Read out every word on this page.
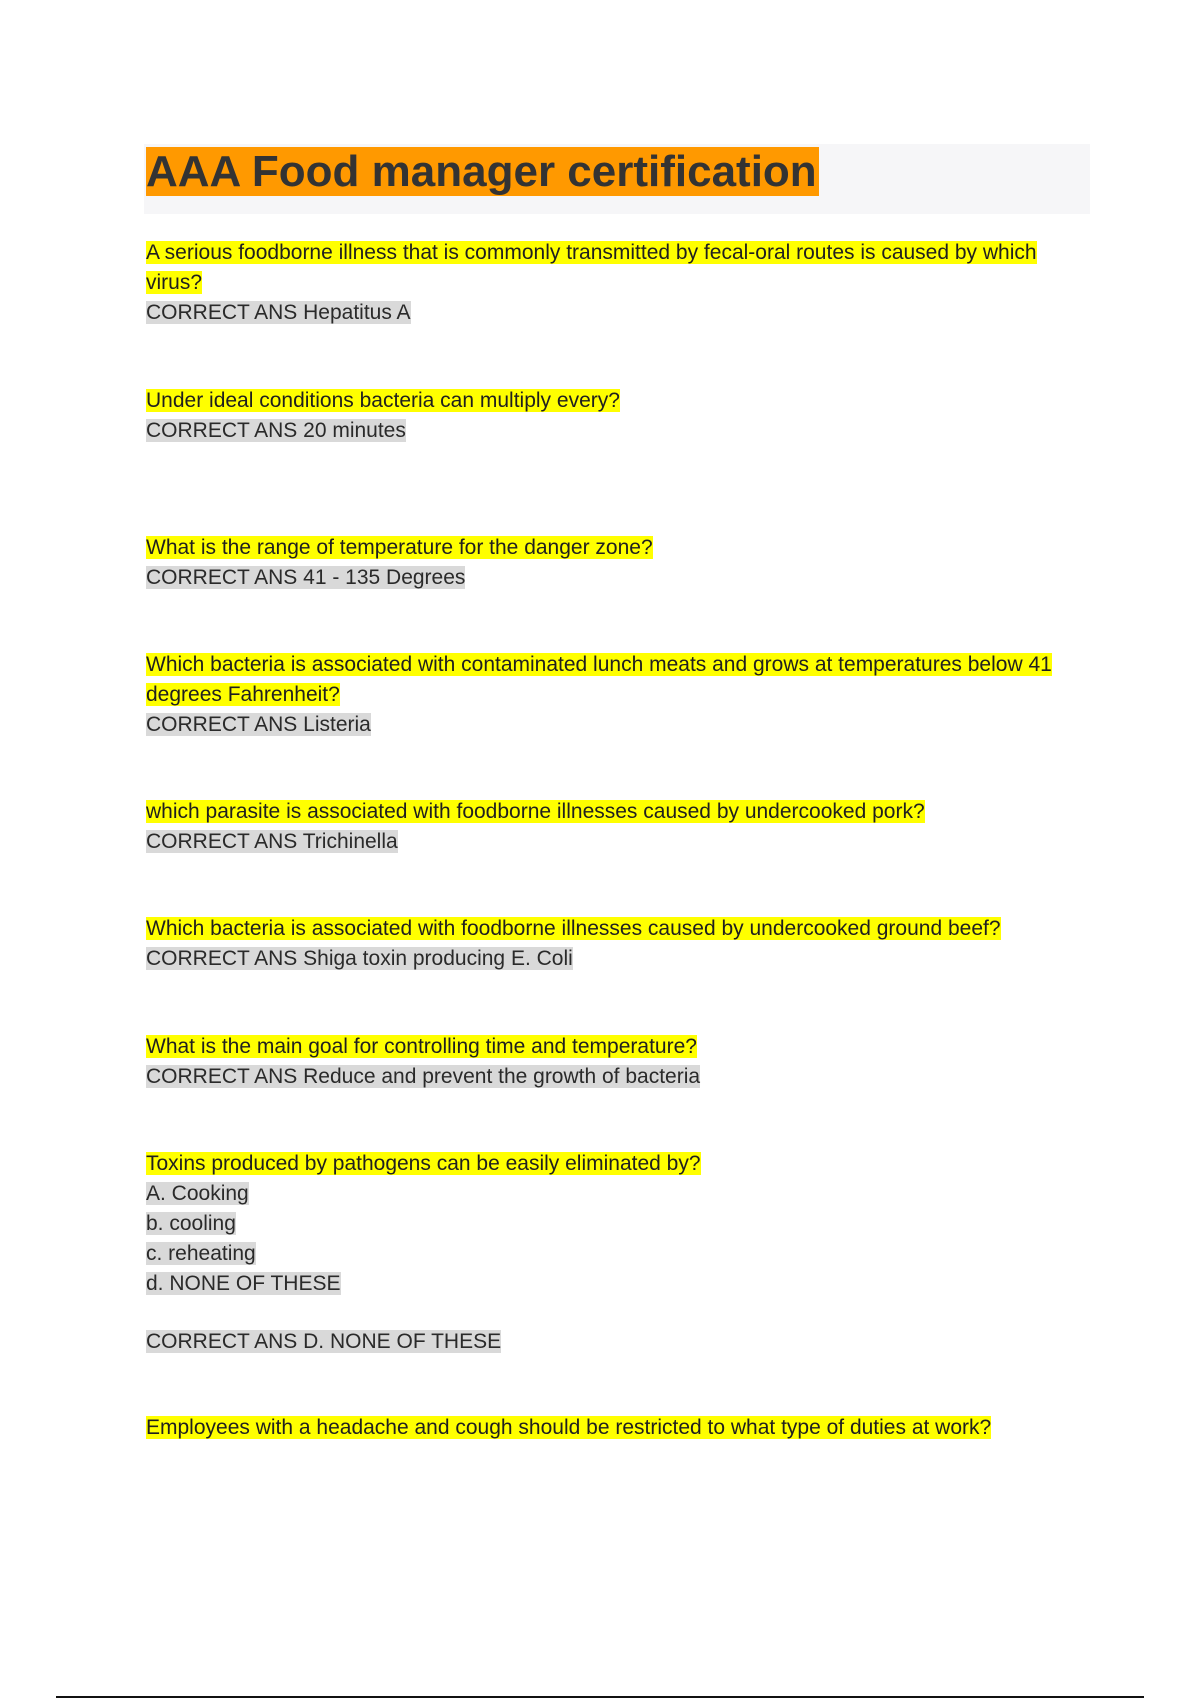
AAA Food manager certification

A serious foodborne illness that is commonly transmitted by fecal-oral routes is caused by which virus?

CORRECT ANS Hepatitus A

Under ideal conditions bacteria can multiply every?

CORRECT ANS 20 minutes

What is the range of temperature for the danger zone?

CORRECT ANS 41 - 135 Degrees

Which bacteria is associated with contaminated lunch meats and grows at temperatures below 41 degrees Fahrenheit?

CORRECT ANS Listeria

which parasite is associated with foodborne illnesses caused by undercooked pork?

CORRECT ANS Trichinella

Which bacteria is associated with foodborne illnesses caused by undercooked ground beef?

CORRECT ANS Shiga toxin producing E. Coli

What is the main goal for controlling time and temperature?

CORRECT ANS Reduce and prevent the growth of bacteria

Toxins produced by pathogens can be easily eliminated by?

A. Cooking

b. cooling

c. reheating

d. NONE OF THESE

CORRECT ANS D. NONE OF THESE

Employees with a headache and cough should be restricted to what type of duties at work?
